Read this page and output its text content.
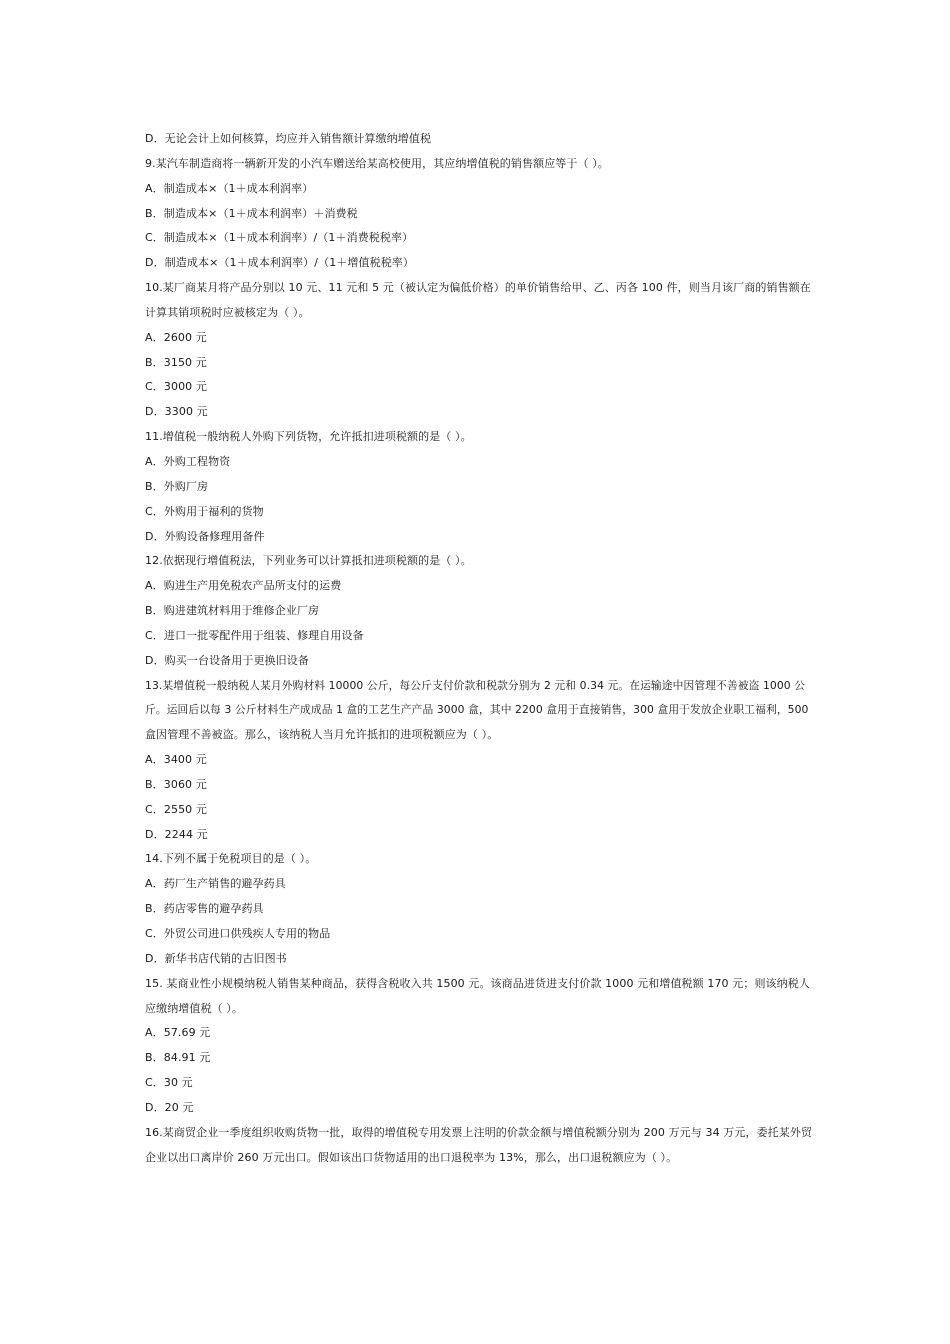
D．无论会计上如何核算，均应并入销售额计算缴纳增值税
9.某汽车制造商将一辆新开发的小汽车赠送给某高校使用，其应纳增值税的销售额应等于（ ）。
A．制造成本×（1＋成本利润率）
B．制造成本×（1＋成本利润率）＋消费税
C．制造成本×（1＋成本利润率）/（1＋消费税税率）
D．制造成本×（1＋成本利润率）/（1＋增值税税率）
10.某厂商某月将产品分别以 10 元、11 元和 5 元（被认定为偏低价格）的单价销售给甲、乙、丙各 100 件，则当月该厂商的销售额在
计算其销项税时应被核定为（ ）。
A．2600 元
B．3150 元
C．3000 元
D．3300 元
11.增值税一般纳税人外购下列货物，允许抵扣进项税额的是（ ）。
A．外购工程物资
B．外购厂房
C．外购用于福利的货物
D．外购设备修理用备件
12.依据现行增值税法，下列业务可以计算抵扣进项税额的是（ ）。
A．购进生产用免税农产品所支付的运费
B．购进建筑材料用于维修企业厂房
C．进口一批零配件用于组装、修理自用设备
D．购买一台设备用于更换旧设备
13.某增值税一般纳税人某月外购材料 10000 公斤，每公斤支付价款和税款分别为 2 元和 0.34 元。在运输途中因管理不善被盗 1000 公
斤。运回后以每 3 公斤材料生产成成品 1 盒的工艺生产产品 3000 盒，其中 2200 盒用于直接销售，300 盒用于发放企业职工福利，500
盒因管理不善被盗。那么，该纳税人当月允许抵扣的进项税额应为（ ）。
A．3400 元
B．3060 元
C．2550 元
D．2244 元
14.下列不属于免税项目的是（ ）。
A．药厂生产销售的避孕药具
B．药店零售的避孕药具
C．外贸公司进口供残疾人专用的物品
D．新华书店代销的古旧图书
15. 某商业性小规模纳税人销售某种商品，获得含税收入共 1500 元。该商品进货进支付价款 1000 元和增值税额 170 元；则该纳税人
应缴纳增值税（ ）。
A．57.69 元
B．84.91 元
C．30 元
D．20 元
16.某商贸企业一季度组织收购货物一批，取得的增值税专用发票上注明的价款金额与增值税额分别为 200 万元与 34 万元，委托某外贸
企业以出口离岸价 260 万元出口。假如该出口货物适用的出口退税率为 13%，那么，出口退税额应为（ ）。
